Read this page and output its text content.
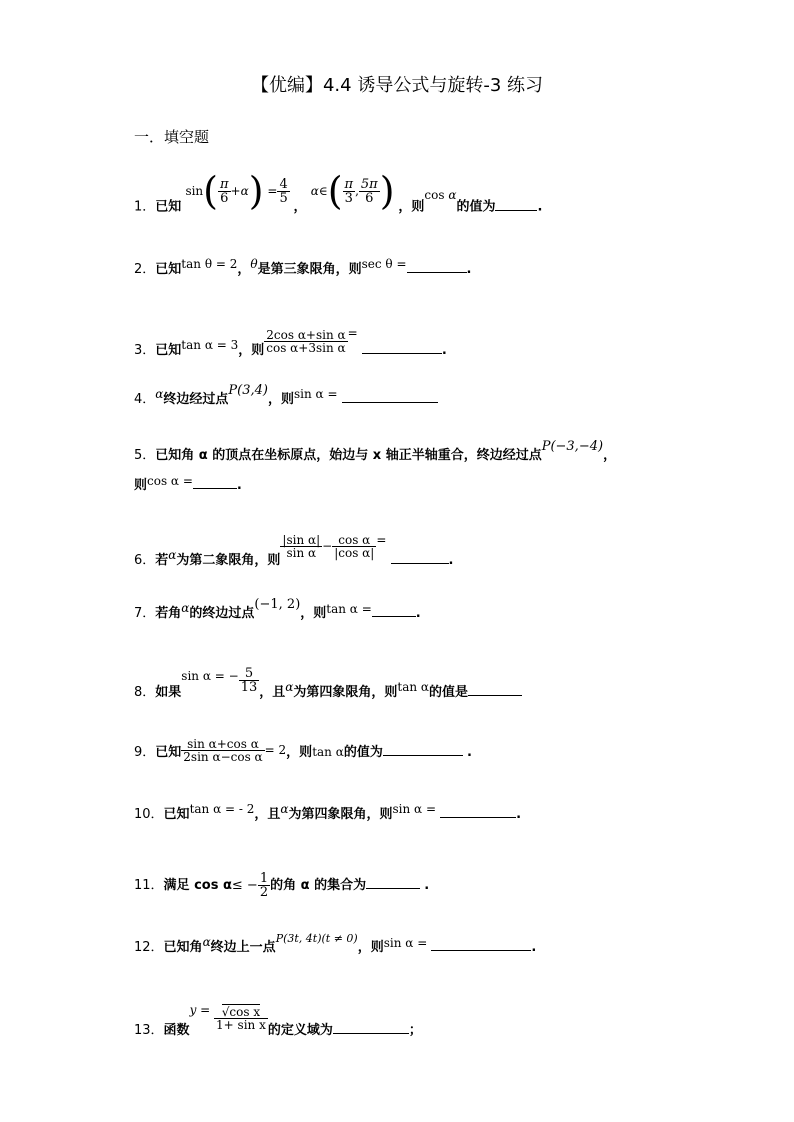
【优编】4.4 诱导公式与旋转-3 练习
一．填空题
1．已知 $\sin( \frac{\pi}{6} +\alpha) = \frac{4}{5}$
， α∈( $\frac{\pi}{3}$ , $\frac{5\pi}{6}$ ) ，则cos α的值为	.
2．已知tan θ = 2，θ是第三象限角，则sec θ =	.
3．已知tan α = 3，则 $\frac{\text{2cos α+sin α}}{\text{cos α+3sin α}}$ = .
4．α终边经过点P(3,4)，则sin α =
5．已知角 α 的顶点在坐标原点，始边与 x 轴正半轴重合，终边经过点P(−3,−4)，
则cos α =	.
6．若α为第二象限角，则
$\frac{\text{|sin α|}}{\text{sin α}} - \frac{\text{cos α}}{\text{|cos α|}}$ = .
7．若角α的终边过点(−1, 2)，则tan α =	.
8．如果sin α = − $\frac{5}{13}$ ，且α为第四象限角，则tan α的值是
9．已知 $\frac{\text{sin α+cos α}}{\text{2sin α−cos α}} = 2$，则tan α的值为	.
10．已知tan α = - 2，且α为第四象限角，则sin α =	.
11．满足 $\cos \alpha\le - \frac{1}{2}$ 的角 α 的集合为	.
12．已知角α终边上一点$^{P(3t, 4t)(t \ne 0)}$，则sin α =	.
13．函数$y = \frac{\text{√cos x}}{\text{1+ sin x}}$ 的定义域为	；
